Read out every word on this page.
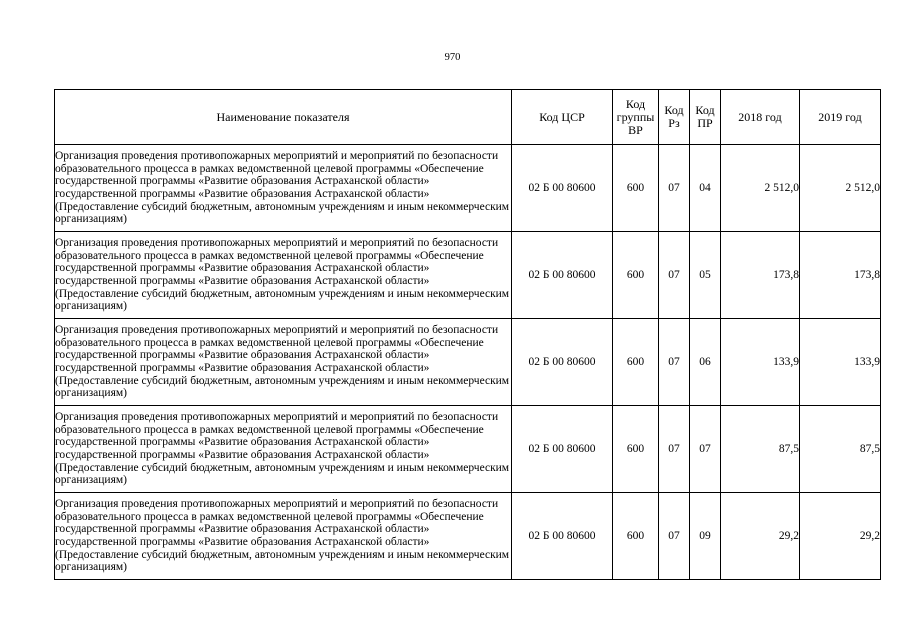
970
Наименование показателя	Код ЦСР	Код группы ВР	Код Рз	Код ПР	2018 год	2019 год
Организация проведения противопожарных мероприятий и мероприятий по безопасности образовательного процесса в рамках ведомственной целевой программы «Обеспечение государственной программы «Развитие образования Астраханской области» государственной программы «Развитие образования Астраханской области» (Предоставление субсидий бюджетным, автономным учреждениям и иным некоммерческим организациям)	02 Б 00 80600	600	07	04	2 512,0	2 512,0
Организация проведения противопожарных мероприятий и мероприятий по безопасности образовательного процесса в рамках ведомственной целевой программы «Обеспечение государственной программы «Развитие образования Астраханской области» государственной программы «Развитие образования Астраханской области» (Предоставление субсидий бюджетным, автономным учреждениям и иным некоммерческим организациям)	02 Б 00 80600	600	07	05	173,8	173,8
Организация проведения противопожарных мероприятий и мероприятий по безопасности образовательного процесса в рамках ведомственной целевой программы «Обеспечение государственной программы «Развитие образования Астраханской области» государственной программы «Развитие образования Астраханской области» (Предоставление субсидий бюджетным, автономным учреждениям и иным некоммерческим организациям)	02 Б 00 80600	600	07	06	133,9	133,9
Организация проведения противопожарных мероприятий и мероприятий по безопасности образовательного процесса в рамках ведомственной целевой программы «Обеспечение государственной программы «Развитие образования Астраханской области» государственной программы «Развитие образования Астраханской области» (Предоставление субсидий бюджетным, автономным учреждениям и иным некоммерческим организациям)	02 Б 00 80600	600	07	07	87,5	87,5
Организация проведения противопожарных мероприятий и мероприятий по безопасности образовательного процесса в рамках ведомственной целевой программы «Обеспечение государственной программы «Развитие образования Астраханской области» государственной программы «Развитие образования Астраханской области» (Предоставление субсидий бюджетным, автономным учреждениям и иным некоммерческим организациям)	02 Б 00 80600	600	07	09	29,2	29,2
